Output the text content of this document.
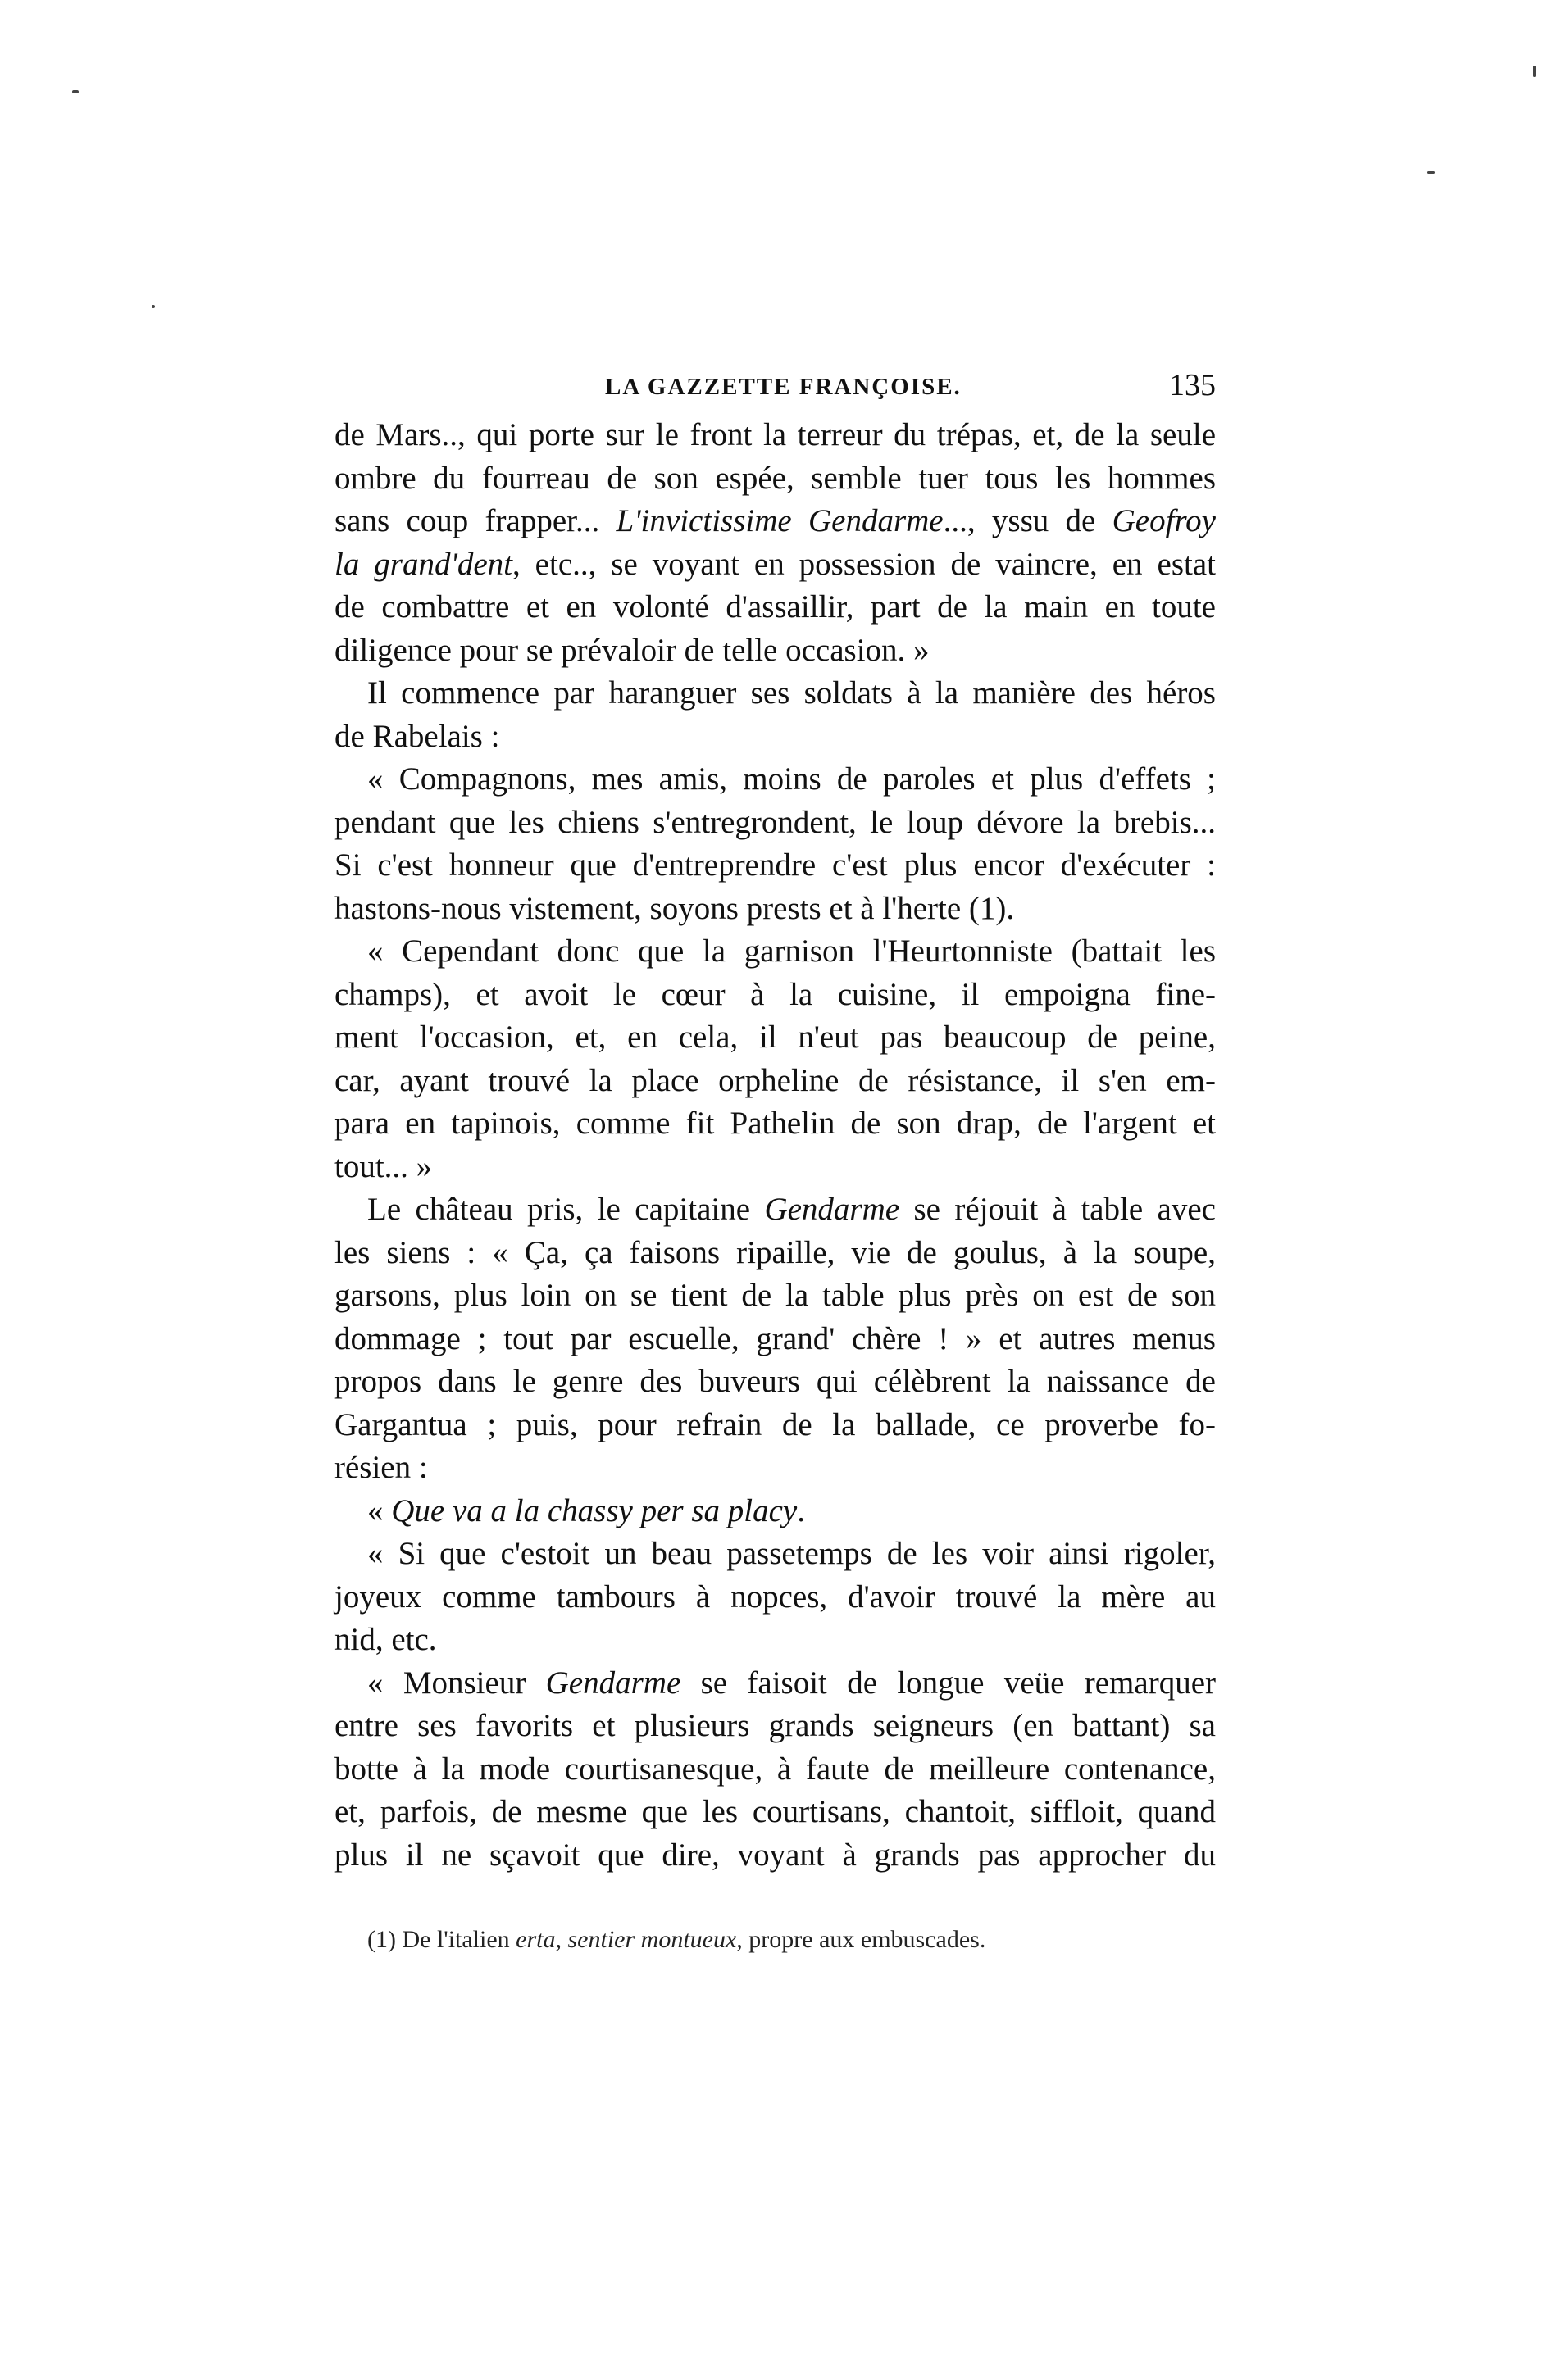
LA GAZZETTE FRANÇOISE.	135
de Mars.., qui porte sur le front la terreur du trépas, et, de la seule
ombre du fourreau de son espée, semble tuer tous les hommes
sans coup frapper... L'invictissime Gendarme..., yssu de Geofroy
la grand'dent, etc.., se voyant en possession de vaincre, en estat
de combattre et en volonté d'assaillir, part de la main en toute
diligence pour se prévaloir de telle occasion. »
Il commence par haranguer ses soldats à la manière des héros
de Rabelais :
« Compagnons, mes amis, moins de paroles et plus d'effets ;
pendant que les chiens s'entregrondent, le loup dévore la brebis...
Si c'est honneur que d'entreprendre c'est plus encor d'exécuter :
hastons-nous vistement, soyons prests et à l'herte (1).
« Cependant donc que la garnison l'Heurtonniste (battait les
champs), et avoit le cœur à la cuisine, il empoigna fine-
ment l'occasion, et, en cela, il n'eut pas beaucoup de peine,
car, ayant trouvé la place orpheline de résistance, il s'en em-
para en tapinois, comme fit Pathelin de son drap, de l'argent et
tout... »
Le château pris, le capitaine Gendarme se réjouit à table avec
les siens : « Ça, ça faisons ripaille, vie de goulus, à la soupe,
garsons, plus loin on se tient de la table plus près on est de son
dommage ; tout par escuelle, grand' chère ! » et autres menus
propos dans le genre des buveurs qui célèbrent la naissance de
Gargantua ; puis, pour refrain de la ballade, ce proverbe fo-
résien :
« Que va a la chassy per sa placy.
« Si que c'estoit un beau passetemps de les voir ainsi rigoler,
joyeux comme tambours à nopces, d'avoir trouvé la mère au
nid, etc.
« Monsieur Gendarme se faisoit de longue veüe remarquer
entre ses favorits et plusieurs grands seigneurs (en battant) sa
botte à la mode courtisanesque, à faute de meilleure contenance,
et, parfois, de mesme que les courtisans, chantoit, siffloit, quand
plus il ne sçavoit que dire, voyant à grands pas approcher du
(1) De l'italien erta, sentier montueux, propre aux embuscades.
